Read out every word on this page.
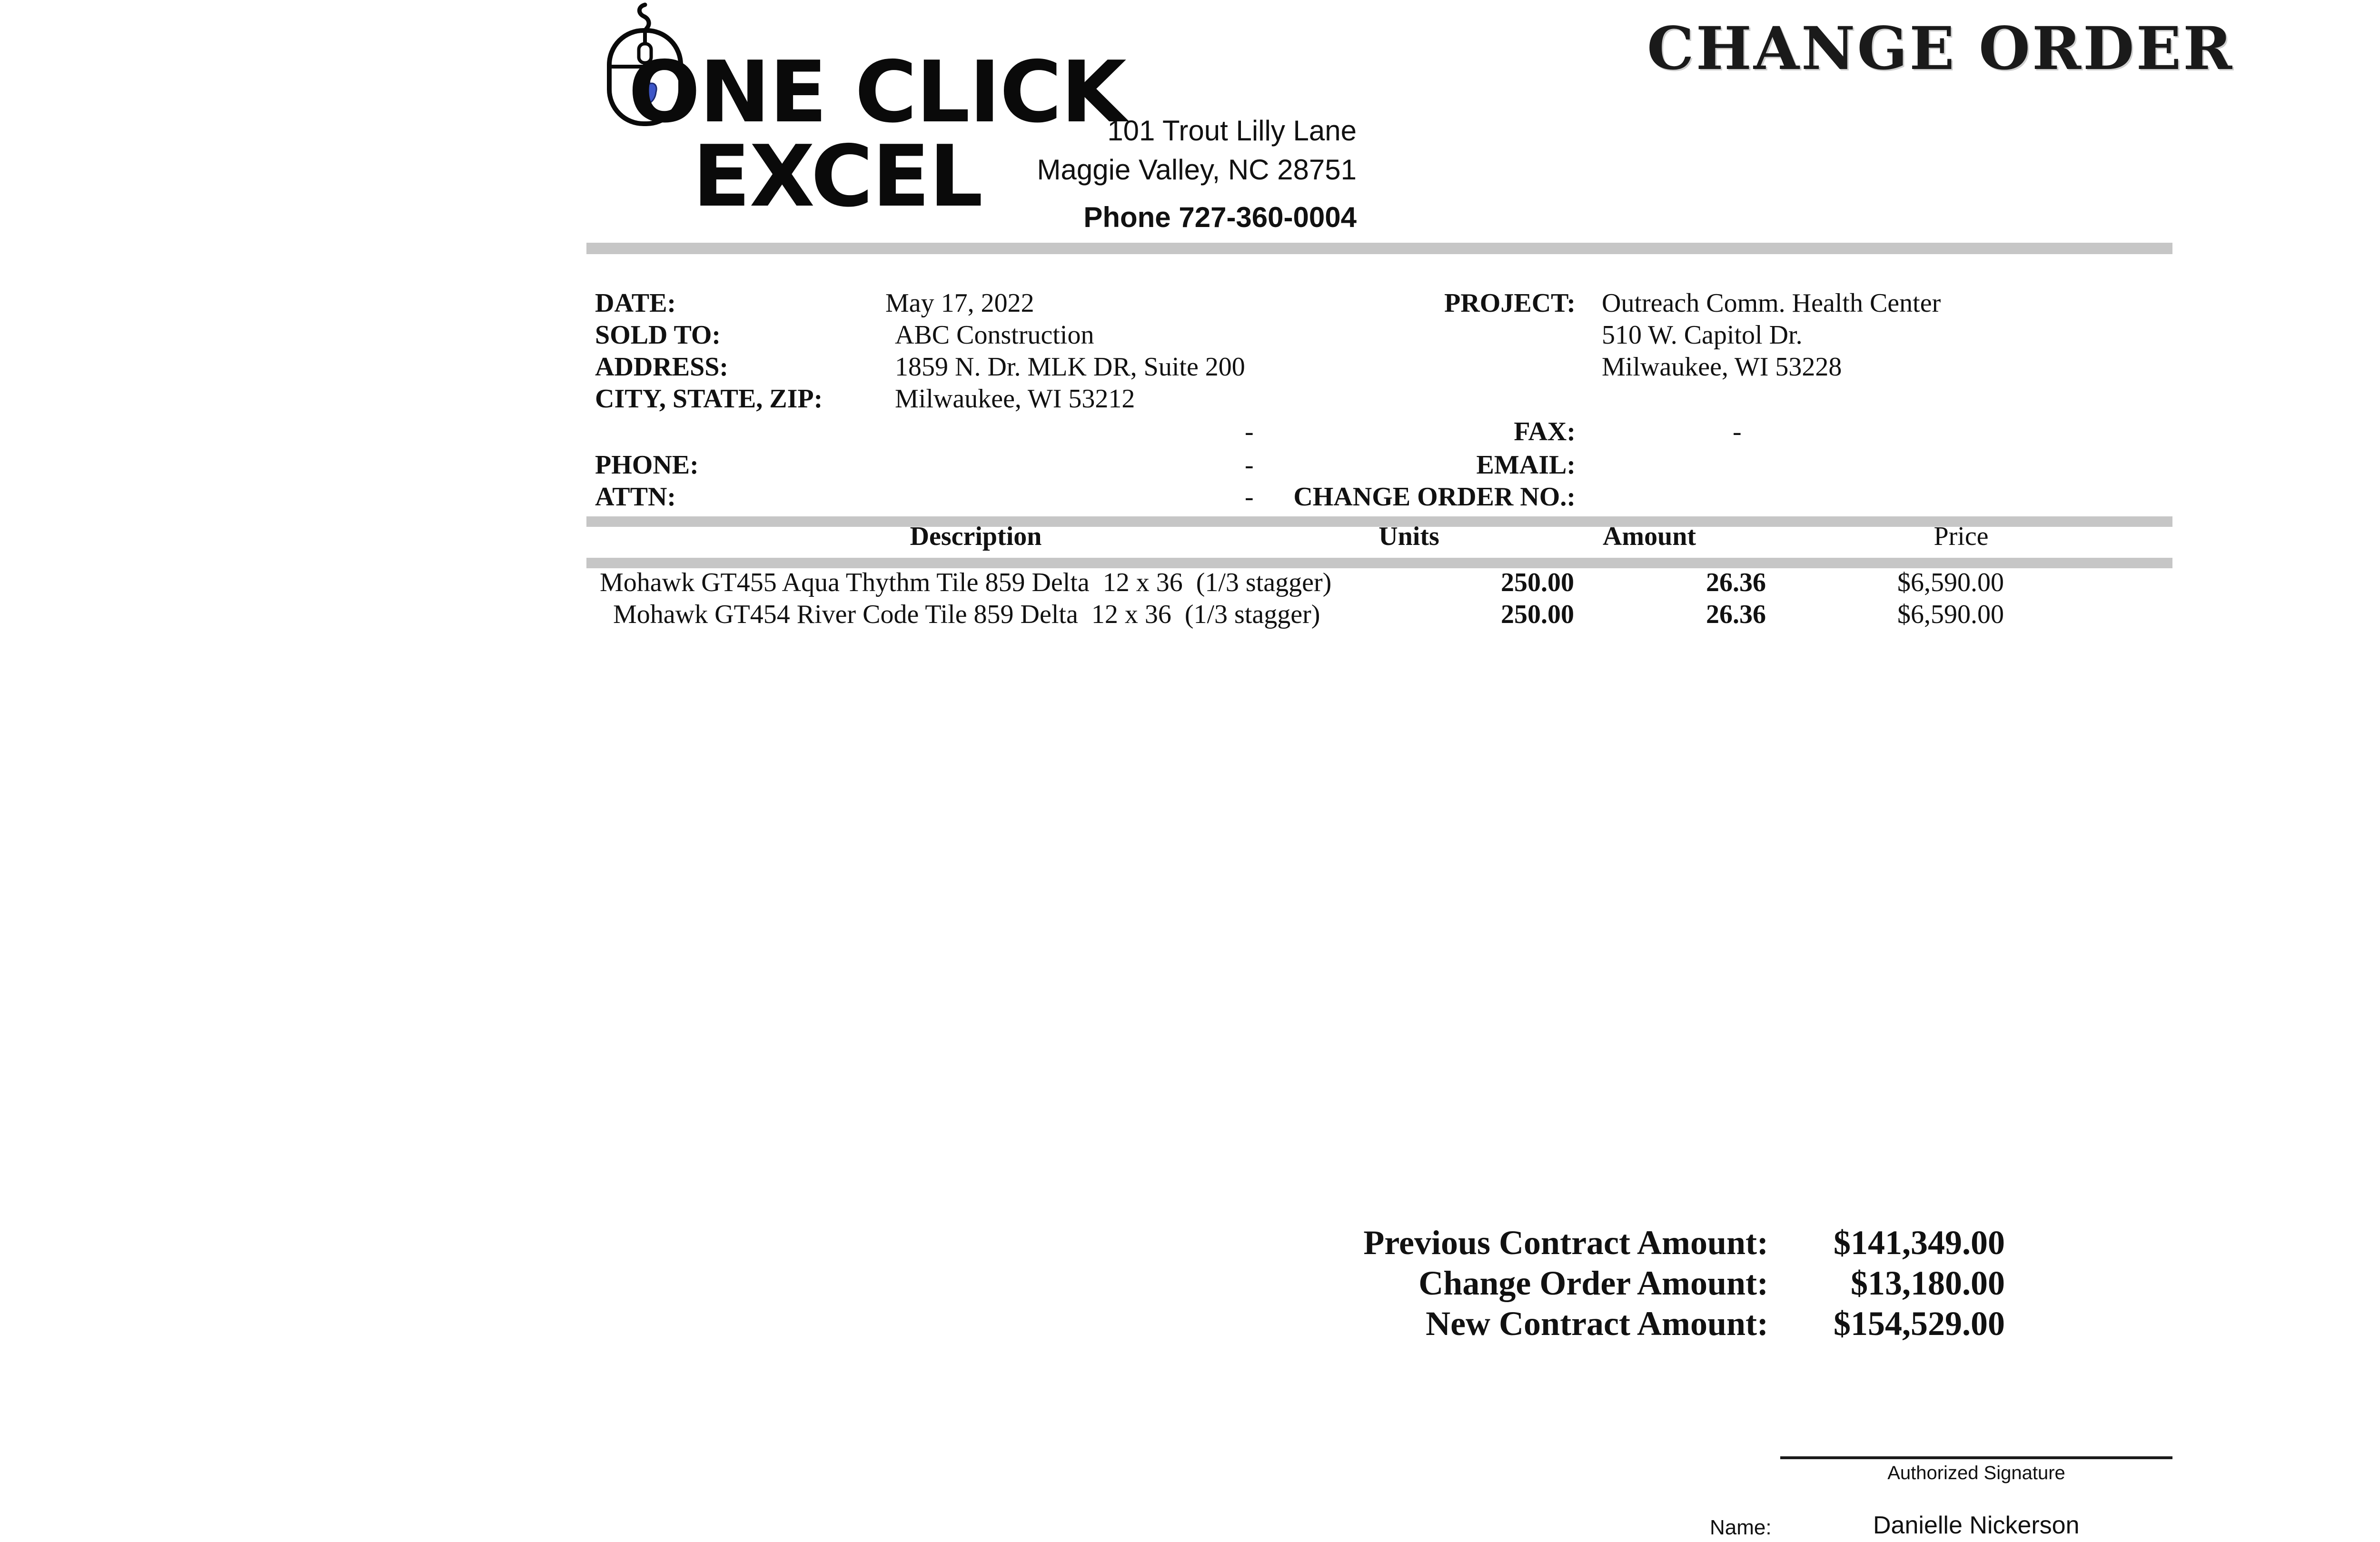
ONE CLICK
EXCEL	101 Trout Lilly Lane
Maggie Valley, NC 28751
Phone 727-360-0004
CHANGE ORDER
DATE:	May 17, 2022
SOLD TO:	ABC Construction
ADDRESS:	1859 N. Dr. MLK DR, Suite 200
CITY, STATE, ZIP:	Milwaukee, WI 53212
-
PHONE:	-
ATTN:	-
PROJECT: Outreach Comm. Health Center
510 W. Capitol Dr.
Milwaukee, WI 53228
FAX:	-
EMAIL:
CHANGE ORDER NO.:
Description	Units	Amount	Price
Mohawk GT455 Aqua Thythm Tile 859 Delta  12 x 36  (1/3 stagger)	250.00	26.36	$6,590.00
Mohawk GT454 River Code Tile 859 Delta  12 x 36  (1/3 stagger)	250.00	26.36	$6,590.00
Previous Contract Amount:	$141,349.00
Change Order Amount:	$13,180.00
New Contract Amount:	$154,529.00
Authorized Signature
Name:	Danielle Nickerson
